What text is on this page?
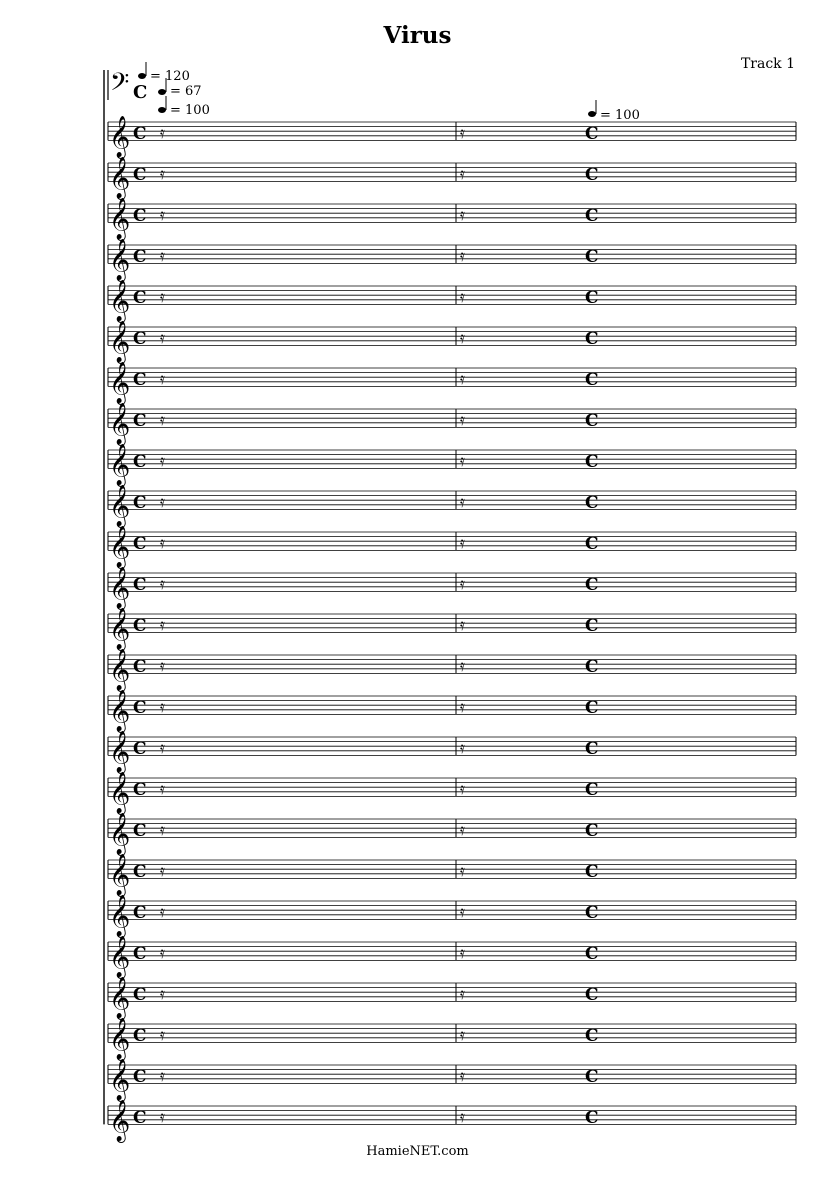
Virus
Track 1
HamieNET.com
𝄞 C	C
𝄿	𝄿
𝄞 C	C
𝄿	𝄿
𝄞 C	C
𝄿	𝄿
𝄞 C	C
𝄿	𝄿
𝄞 C	C
𝄿	𝄿
𝄞 C	C
𝄿	𝄿
𝄞 C	C
𝄿	𝄿
𝄞 C	C
𝄿	𝄿
𝄞 C	C
𝄿	𝄿
𝄞 C	C
𝄿	𝄿
𝄞 C	C
𝄿	𝄿
𝄞 C	C
𝄿	𝄿
𝄞 C	C
𝄿	𝄿
𝄞 C	C
𝄿	𝄿
𝄞 C	C
𝄿	𝄿
𝄞 C	C
𝄿	𝄿
𝄞 C	C
𝄿	𝄿
𝄞 C	C
𝄿	𝄿
𝄞 C	C
𝄿	𝄿
𝄞 C	C
𝄿	𝄿
𝄞 C	C
𝄿	𝄿
𝄞 C	C
𝄿	𝄿
𝄞 C	C
𝄿	𝄿
𝄞 C	C
𝄿	𝄿
𝄞 C	C
𝄿	𝄿
𝄢 C
= 120
= 67
= 100	= 100
